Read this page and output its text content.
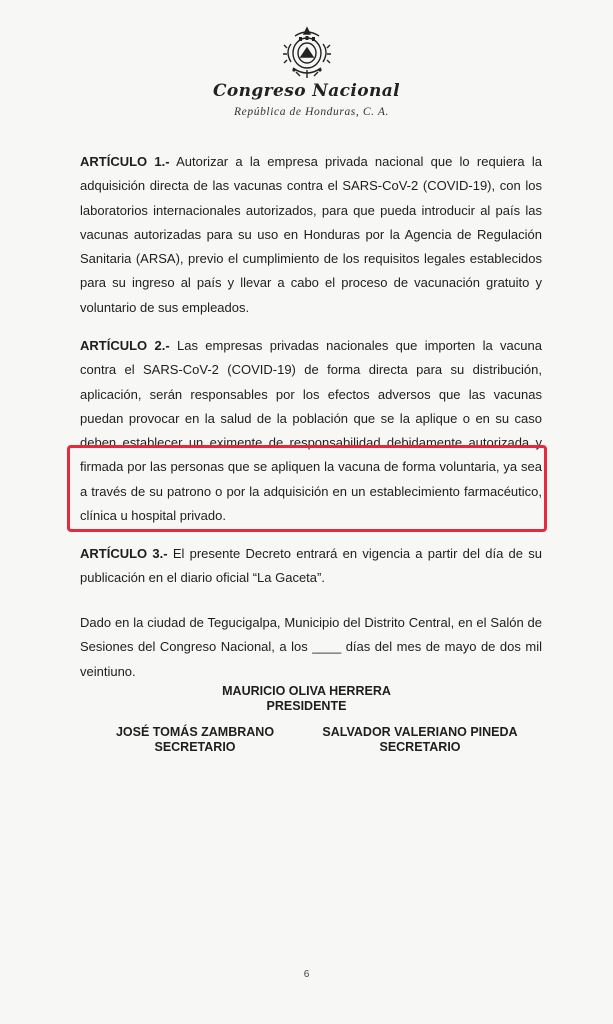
Congreso Nacional
República de Honduras, C. A.

ARTÍCULO 1.- Autorizar a la empresa privada nacional que lo requiera la adquisición directa de las vacunas contra el SARS-CoV-2 (COVID-19), con los laboratorios internacionales autorizados, para que pueda introducir al país las vacunas autorizadas para su uso en Honduras por la Agencia de Regulación Sanitaria (ARSA), previo el cumplimiento de los requisitos legales establecidos para su ingreso al país y llevar a cabo el proceso de vacunación gratuito y voluntario de sus empleados.

ARTÍCULO 2.- Las empresas privadas nacionales que importen la vacuna contra el SARS-CoV-2 (COVID-19) de forma directa para su distribución, aplicación, serán responsables por los efectos adversos que las vacunas puedan provocar en la salud de la población que se la aplique o en su caso deben establecer un eximente de responsabilidad debidamente autorizada y firmada por las personas que se apliquen la vacuna de forma voluntaria, ya sea a través de su patrono o por la adquisición en un establecimiento farmacéutico, clínica u hospital privado.

ARTÍCULO 3.- El presente Decreto entrará en vigencia a partir del día de su publicación en el diario oficial “La Gaceta”.

Dado en la ciudad de Tegucigalpa, Municipio del Distrito Central, en el Salón de Sesiones del Congreso Nacional, a los ____ días del mes de mayo de dos mil veintiuno.

MAURICIO OLIVA HERRERA
PRESIDENTE
JOSÉ TOMÁS ZAMBRANO
SECRETARIO
SALVADOR VALERIANO PINEDA
SECRETARIO
6
